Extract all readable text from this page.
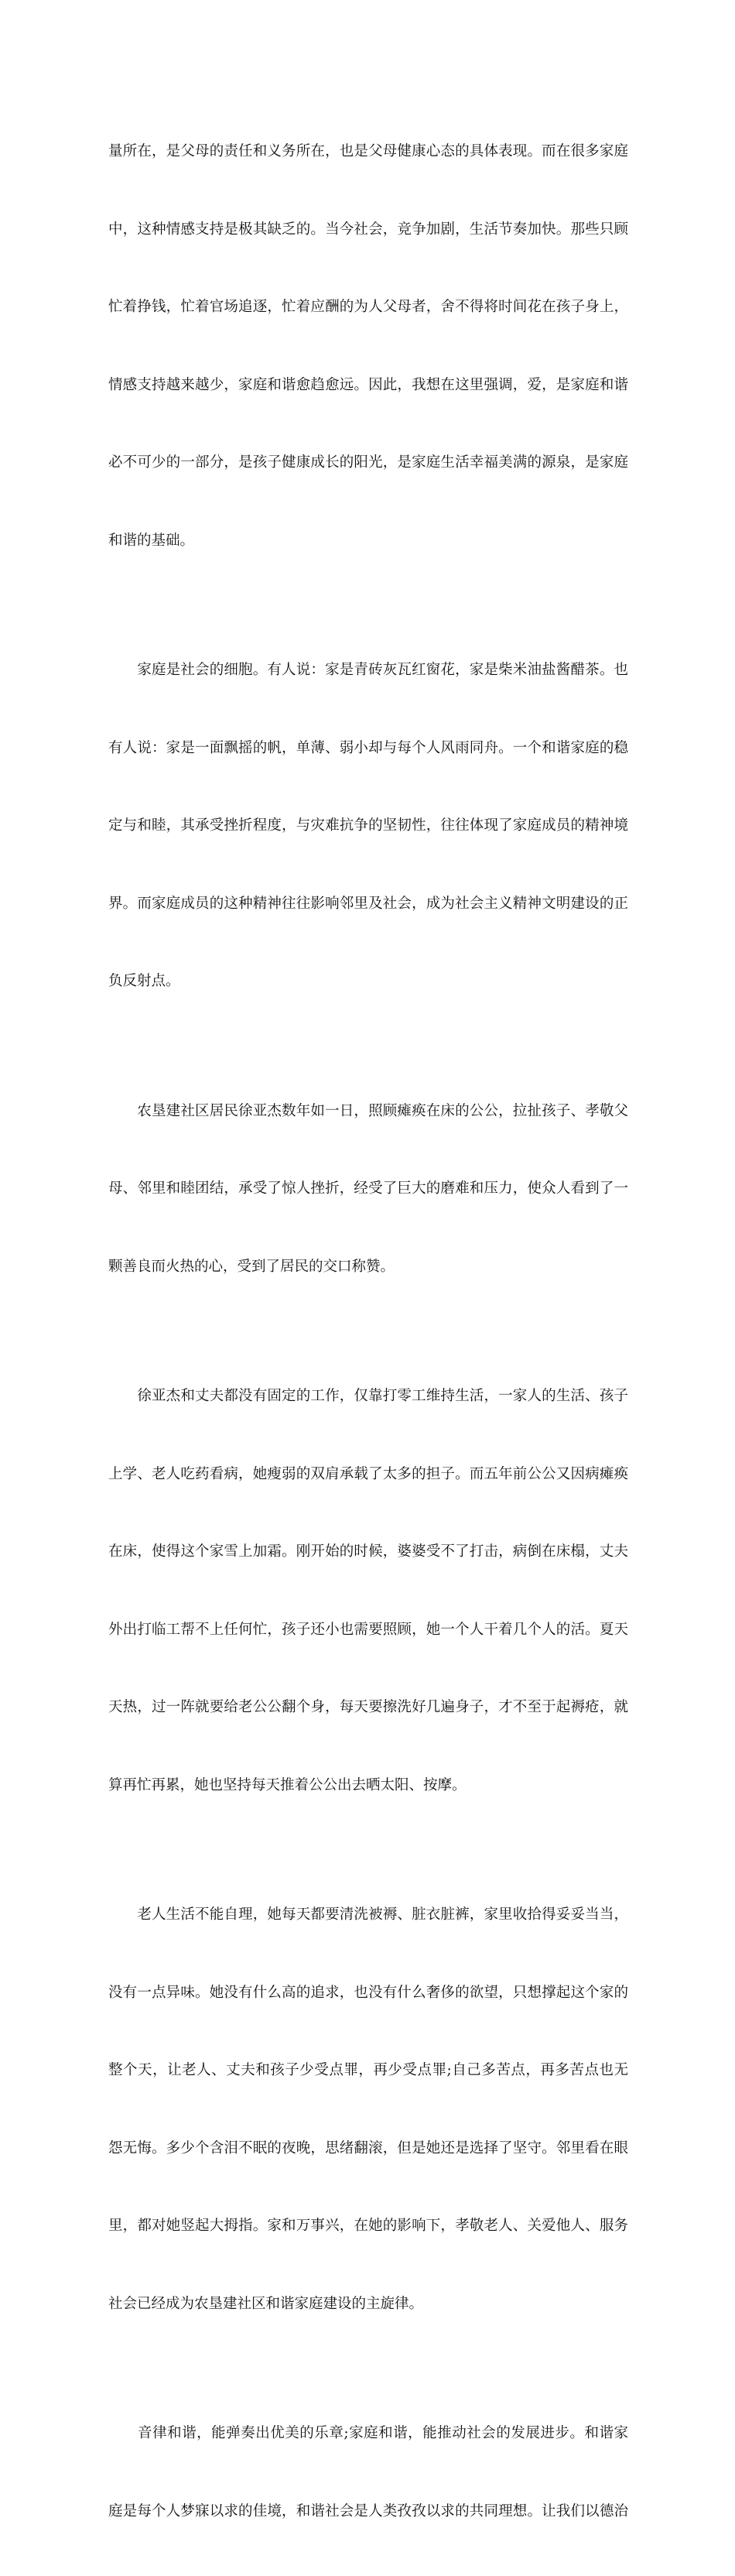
量所在，是父母的责任和义务所在，也是父母健康心态的具体表现。而在很多家庭

中，这种情感支持是极其缺乏的。当今社会，竞争加剧，生活节奏加快。那些只顾

忙着挣钱，忙着官场追逐，忙着应酬的为人父母者，舍不得将时间花在孩子身上，

情感支持越来越少，家庭和谐愈趋愈远。因此，我想在这里强调，爱，是家庭和谐

必不可少的一部分，是孩子健康成长的阳光，是家庭生活幸福美满的源泉，是家庭

和谐的基础。

　　家庭是社会的细胞。有人说：家是青砖灰瓦红窗花，家是柴米油盐酱醋茶。也

有人说：家是一面飘摇的帆，单薄、弱小却与每个人风雨同舟。一个和谐家庭的稳

定与和睦，其承受挫折程度，与灾难抗争的坚韧性，往往体现了家庭成员的精神境

界。而家庭成员的这种精神往往影响邻里及社会，成为社会主义精神文明建设的正

负反射点。

　　农垦建社区居民徐亚杰数年如一日，照顾瘫痪在床的公公，拉扯孩子、孝敬父

母、邻里和睦团结，承受了惊人挫折，经受了巨大的磨难和压力，使众人看到了一

颗善良而火热的心，受到了居民的交口称赞。

　　徐亚杰和丈夫都没有固定的工作，仅靠打零工维持生活，一家人的生活、孩子

上学、老人吃药看病，她瘦弱的双肩承载了太多的担子。而五年前公公又因病瘫痪

在床，使得这个家雪上加霜。刚开始的时候，婆婆受不了打击，病倒在床榻，丈夫

外出打临工帮不上任何忙，孩子还小也需要照顾，她一个人干着几个人的活。夏天

天热，过一阵就要给老公公翻个身，每天要擦洗好几遍身子，才不至于起褥疮，就

算再忙再累，她也坚持每天推着公公出去晒太阳、按摩。

　　老人生活不能自理，她每天都要清洗被褥、脏衣脏裤，家里收拾得妥妥当当，

没有一点异味。她没有什么高的追求，也没有什么奢侈的欲望，只想撑起这个家的

整个天，让老人、丈夫和孩子少受点罪，再少受点罪;自己多苦点，再多苦点也无

怨无悔。多少个含泪不眠的夜晚，思绪翻滚，但是她还是选择了坚守。邻里看在眼

里，都对她竖起大拇指。家和万事兴，在她的影响下，孝敬老人、关爱他人、服务

社会已经成为农垦建社区和谐家庭建设的主旋律。

　　音律和谐，能弹奏出优美的乐章;家庭和谐，能推动社会的发展进步。和谐家

庭是每个人梦寐以求的佳境，和谐社会是人类孜孜以求的共同理想。让我们以德治
